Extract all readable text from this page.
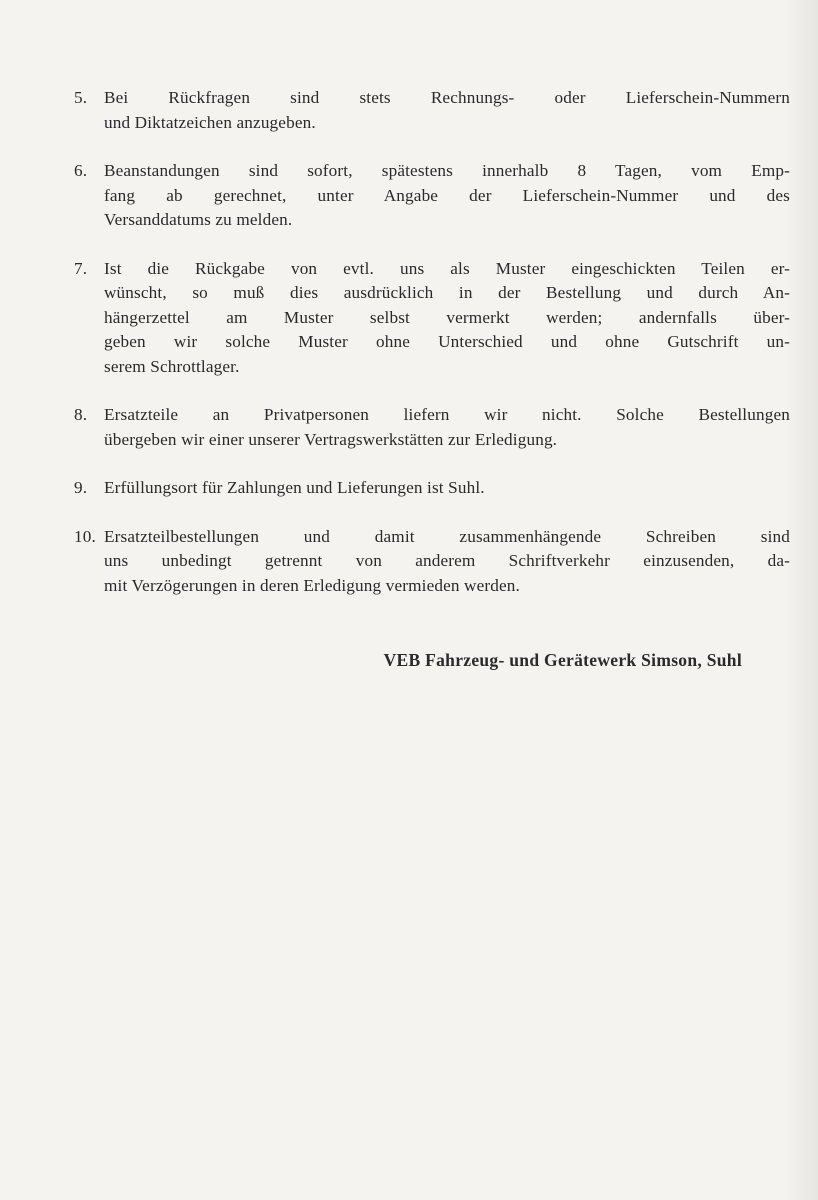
5. Bei Rückfragen sind stets Rechnungs- oder Lieferschein-Nummern
und Diktatzeichen anzugeben.
6. Beanstandungen sind sofort, spätestens innerhalb 8 Tagen, vom Emp-
fang ab gerechnet, unter Angabe der Lieferschein-Nummer und des
Versanddatums zu melden.
7. Ist die Rückgabe von evtl. uns als Muster eingeschickten Teilen er-
wünscht, so muß dies ausdrücklich in der Bestellung und durch An-
hängerzettel am Muster selbst vermerkt werden; andernfalls über-
geben wir solche Muster ohne Unterschied und ohne Gutschrift un-
serem Schrottlager.
8. Ersatzteile an Privatpersonen liefern wir nicht. Solche Bestellungen
übergeben wir einer unserer Vertragswerkstätten zur Erledigung.
9. Erfüllungsort für Zahlungen und Lieferungen ist Suhl.
10. Ersatzteilbestellungen und damit zusammenhängende Schreiben sind
uns unbedingt getrennt von anderem Schriftverkehr einzusenden, da-
mit Verzögerungen in deren Erledigung vermieden werden.
VEB Fahrzeug- und Gerätewerk Simson, Suhl
